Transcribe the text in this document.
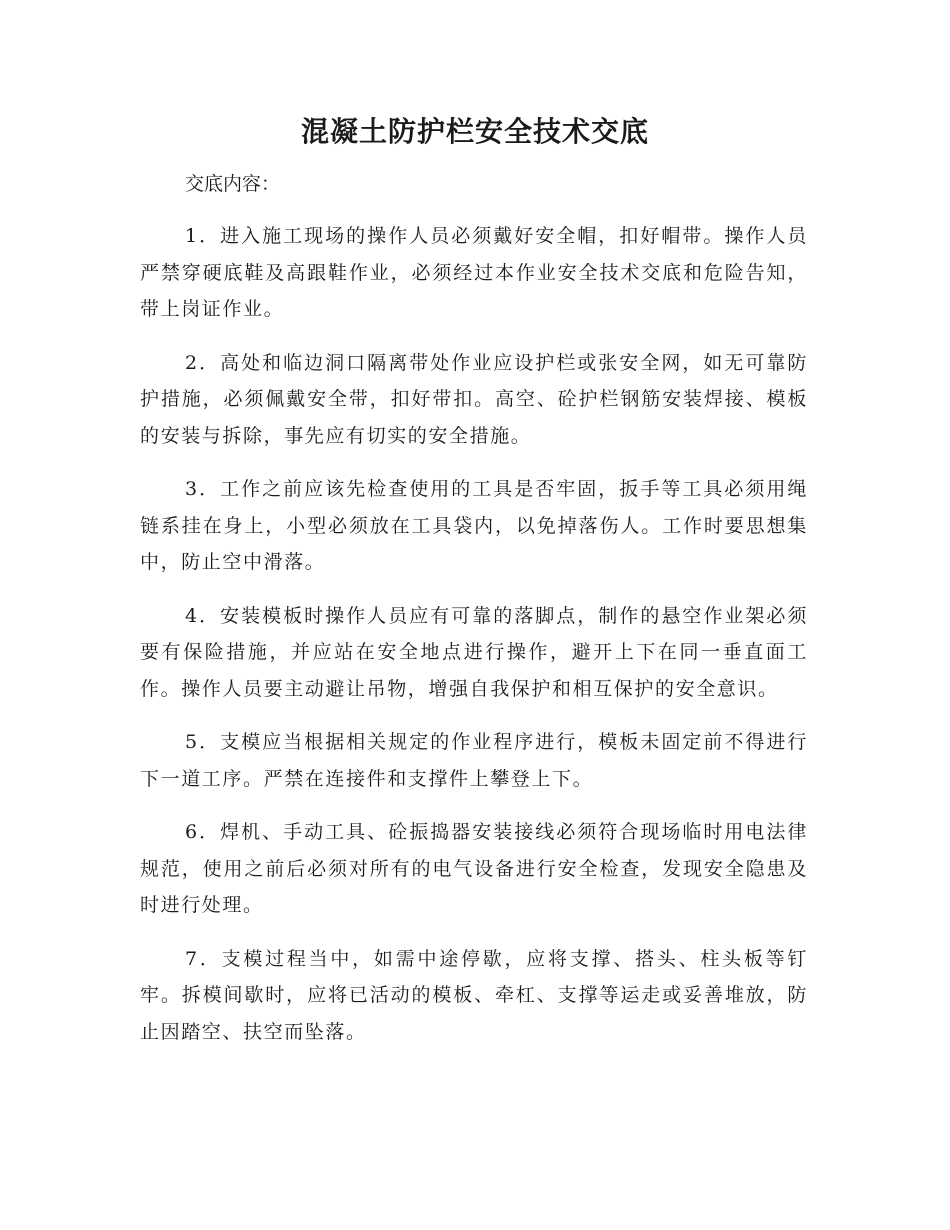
混凝土防护栏安全技术交底

交底内容：

1．进入施工现场的操作人员必须戴好安全帽，扣好帽带。操作人员严禁穿硬底鞋及高跟鞋作业，必须经过本作业安全技术交底和危险告知，带上岗证作业。

2．高处和临边洞口隔离带处作业应设护栏或张安全网，如无可靠防护措施，必须佩戴安全带，扣好带扣。高空、砼护栏钢筋安装焊接、模板的安装与拆除，事先应有切实的安全措施。

3．工作之前应该先检查使用的工具是否牢固，扳手等工具必须用绳链系挂在身上，小型必须放在工具袋内，以免掉落伤人。工作时要思想集中，防止空中滑落。

4．安装模板时操作人员应有可靠的落脚点，制作的悬空作业架必须要有保险措施，并应站在安全地点进行操作，避开上下在同一垂直面工作。操作人员要主动避让吊物，增强自我保护和相互保护的安全意识。

5．支模应当根据相关规定的作业程序进行，模板未固定前不得进行下一道工序。严禁在连接件和支撑件上攀登上下。

6．焊机、手动工具、砼振捣器安装接线必须符合现场临时用电法律规范，使用之前后必须对所有的电气设备进行安全检查，发现安全隐患及时进行处理。

7．支模过程当中，如需中途停歇，应将支撑、搭头、柱头板等钉牢。拆模间歇时，应将已活动的模板、牵杠、支撑等运走或妥善堆放，防止因踏空、扶空而坠落。
